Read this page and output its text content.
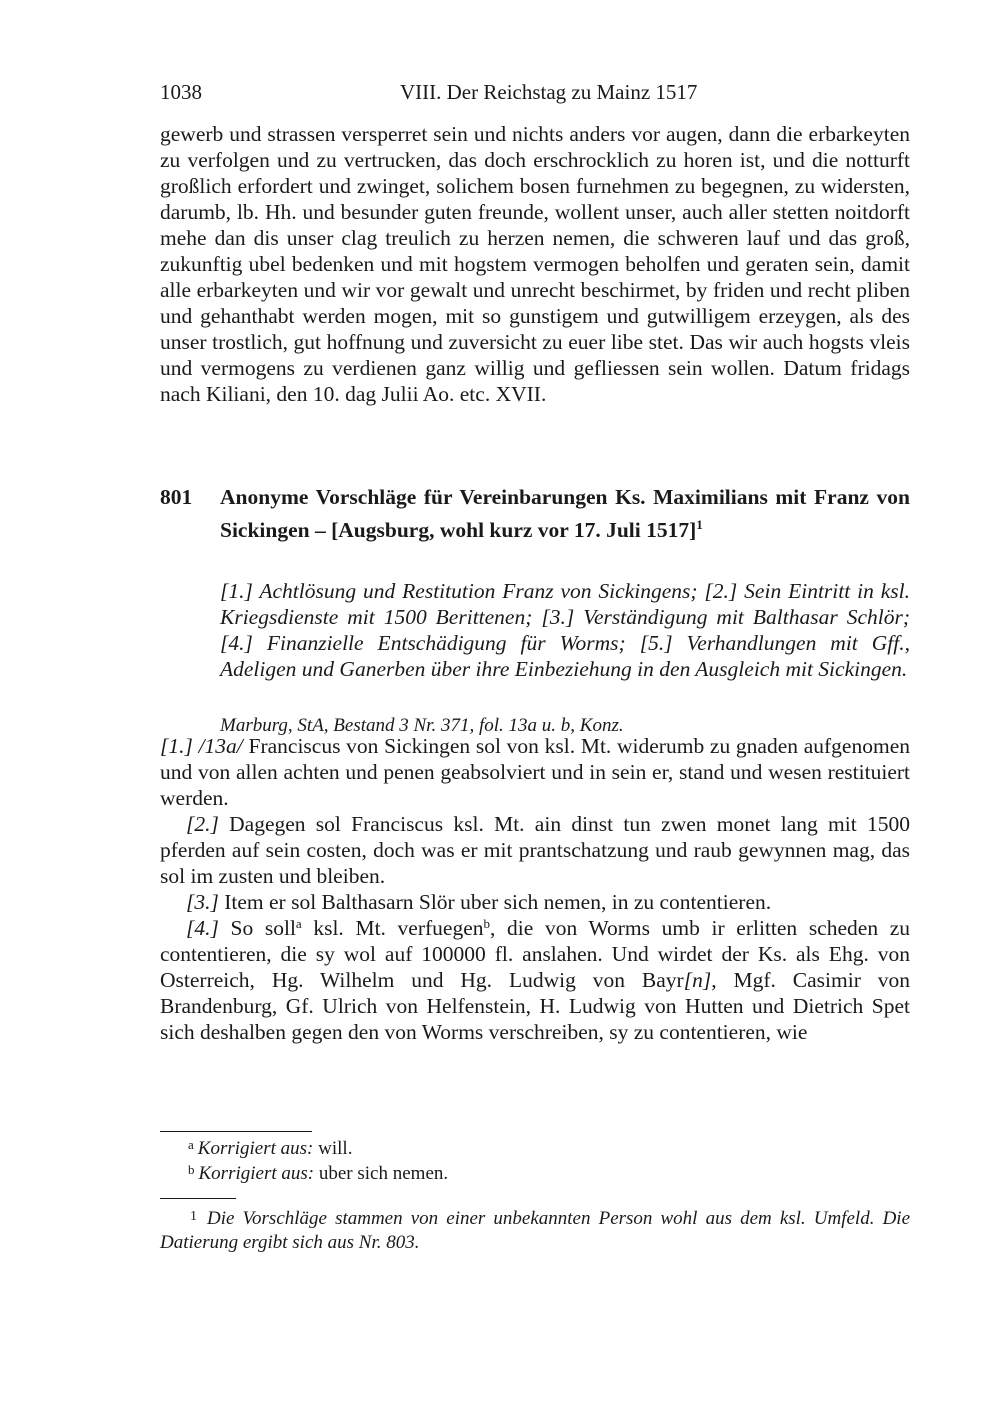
1038	VIII. Der Reichstag zu Mainz 1517

gewerb und strassen versperret sein und nichts anders vor augen, dann die erbarkeyten zu verfolgen und zu vertrucken, das doch erschrocklich zu horen ist, und die notturft großlich erfordert und zwinget, solichem bosen furnehmen zu begegnen, zu widersten, darumb, lb. Hh. und besunder guten freunde, wollent unser, auch aller stetten noitdorft mehe dan dis unser clag treulich zu herzen nemen, die schweren lauf und das groß, zukunftig ubel bedenken und mit hogstem vermogen beholfen und geraten sein, damit alle erbarkeyten und wir vor gewalt und unrecht beschirmet, by friden und recht pliben und gehanthabt werden mogen, mit so gunstigem und gutwilligem erzeygen, als des unser trostlich, gut hoffnung und zuversicht zu euer libe stet. Das wir auch hogsts vleis und vermogens zu verdienen ganz willig und gefliessen sein wollen. Datum fridags nach Kiliani, den 10. dag Julii Ao. etc. XVII.

801 Anonyme Vorschläge für Vereinbarungen Ks. Maximilians mit Franz von Sickingen – [Augsburg, wohl kurz vor 17. Juli 1517]$^1$

[1.] Achtlösung und Restitution Franz von Sickingens; [2.] Sein Eintritt in ksl. Kriegsdienste mit 1500 Berittenen; [3.] Verständigung mit Balthasar Schlör; [4.] Finanzielle Entschädigung für Worms; [5.] Verhandlungen mit Gff., Adeligen und Ganerben über ihre Einbeziehung in den Ausgleich mit Sickingen.

Marburg, StA, Bestand 3 Nr. 371, fol. 13a u. b, Konz.

[1.] /13a/ Franciscus von Sickingen sol von ksl. Mt. widerumb zu gnaden aufgenomen und von allen achten und penen geabsolviert und in sein er, stand und wesen restituiert werden.

[2.] Dagegen sol Franciscus ksl. Mt. ain dinst tun zwen monet lang mit 1500 pferden auf sein costen, doch was er mit prantschatzung und raub gewynnen mag, das sol im zusten und bleiben.

[3.] Item er sol Balthasarn Slör uber sich nemen, in zu contentieren.

[4.] So soll$^a$ ksl. Mt. verfuegen$^b$, die von Worms umb ir erlitten scheden zu contentieren, die sy wol auf 100000 fl. anslahen. Und wirdet der Ks. als Ehg. von Osterreich, Hg. Wilhelm und Hg. Ludwig von Bayr[n], Mgf. Casimir von Brandenburg, Gf. Ulrich von Helfenstein, H. Ludwig von Hutten und Dietrich Spet sich deshalben gegen den von Worms verschreiben, sy zu contentieren, wie

$^a$ Korrigiert aus: will.
$^b$ Korrigiert aus: uber sich nemen.
$^1$ Die Vorschläge stammen von einer unbekannten Person wohl aus dem ksl. Umfeld. Die Datierung ergibt sich aus Nr. 803.
